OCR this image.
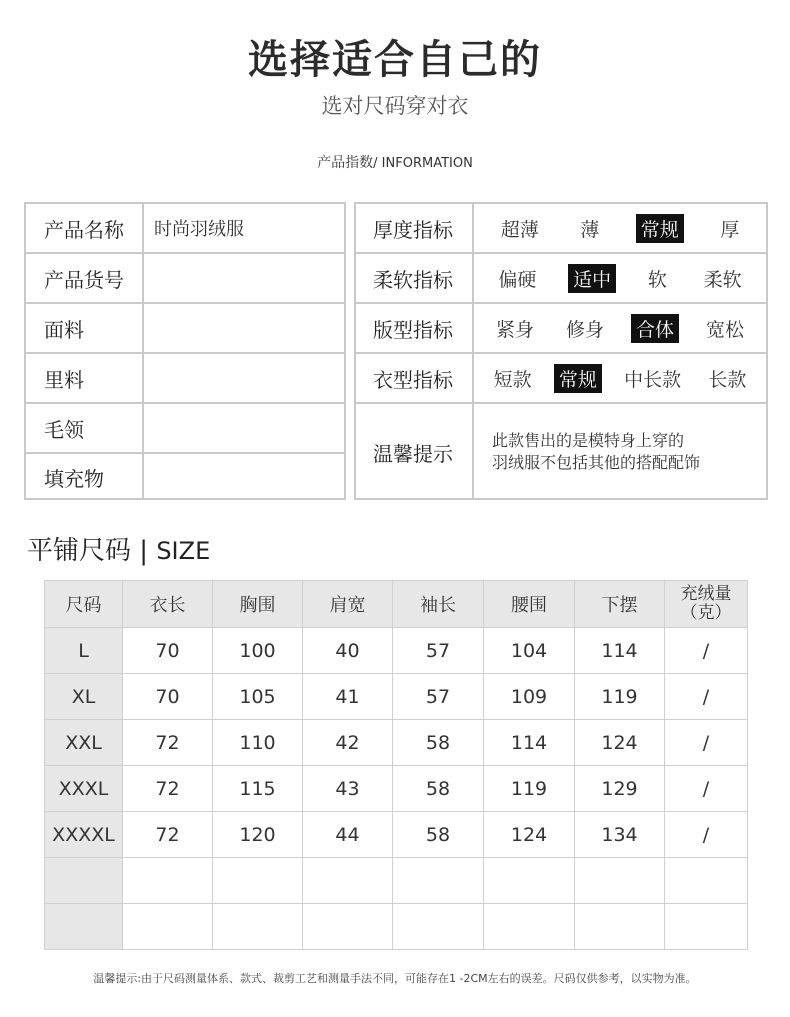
选择适合自己的
选对尺码穿对衣
产品指数/ INFORMATION
产品名称	时尚羽绒服
产品货号
面料
里料
毛领
填充物
厚度指标	超薄 薄 常规 厚
柔软指标	偏硬 适中 软 柔软
版型指标	紧身 修身 合体 宽松
衣型指标	短款 常规 中长款 长款
温馨提示
此款售出的是模特身上穿的
羽绒服不包括其他的搭配配饰
平铺尺码 | SIZE
尺码	衣长	胸围	肩宽	袖长	腰围	下摆	充绒量
（克）

L	70	100	40	57	104	114	/
XL	70	105	41	57	109	119	/
XXL	72	110	42	58	114	124	/
XXXL	72	115	43	58	119	129	/
XXXXL	72	120	44	58	124	134	/

温馨提示:由于尺码测量体系、款式、裁剪工艺和测量手法不同，可能存在1 -2CM左右的误差。尺码仅供参考，以实物为准。
